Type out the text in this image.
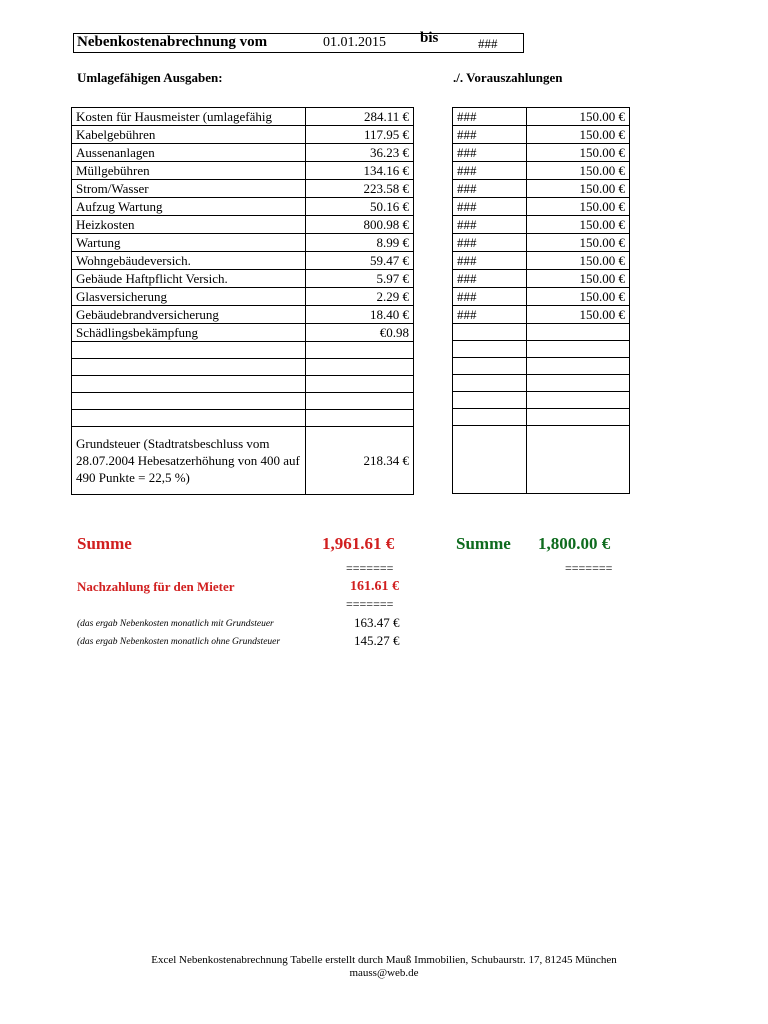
Nebenkostenabrechnung vom	01.01.2015 bis	###
Umlagefähigen Ausgaben:	./. Vorauszahlungen
Kosten für Hausmeister (umlagefähig	284.11 €
Kabelgebühren	117.95 €
Aussenanlagen	36.23 €
Müllgebühren	134.16 €
Strom/Wasser	223.58 €
Aufzug Wartung	50.16 €
Heizkosten	800.98 €
Wartung	8.99 €
Wohngebäudeversich.	59.47 €
Gebäude Haftpflicht Versich.	5.97 €
Glasversicherung	2.29 €
Gebäudebrandversicherung	18.40 €
Schädlingsbekämpfung	€0.98

Grundsteuer (Stadtratsbeschluss vom 28.07.2004 Hebesatzerhöhung von 400 auf 490 Punkte = 22,5 %)	218.34 €
###	150.00 €
###	150.00 €
###	150.00 €
###	150.00 €
###	150.00 €
###	150.00 €
###	150.00 €
###	150.00 €
###	150.00 €
###	150.00 €
###	150.00 €
###	150.00 €

Summe	1,961.61 €	Summe 1,800.00 €
=======	=======
Nachzahlung für den Mieter	161.61 €
=======
(das ergab Nebenkosten monatlich mit Grundsteuer	163.47 €
(das ergab Nebenkosten monatlich ohne Grundsteuer	145.27 €
Excel Nebenkostenabrechnung Tabelle erstellt durch Mauß Immobilien, Schubaurstr. 17, 81245 München
mauss@web.de
